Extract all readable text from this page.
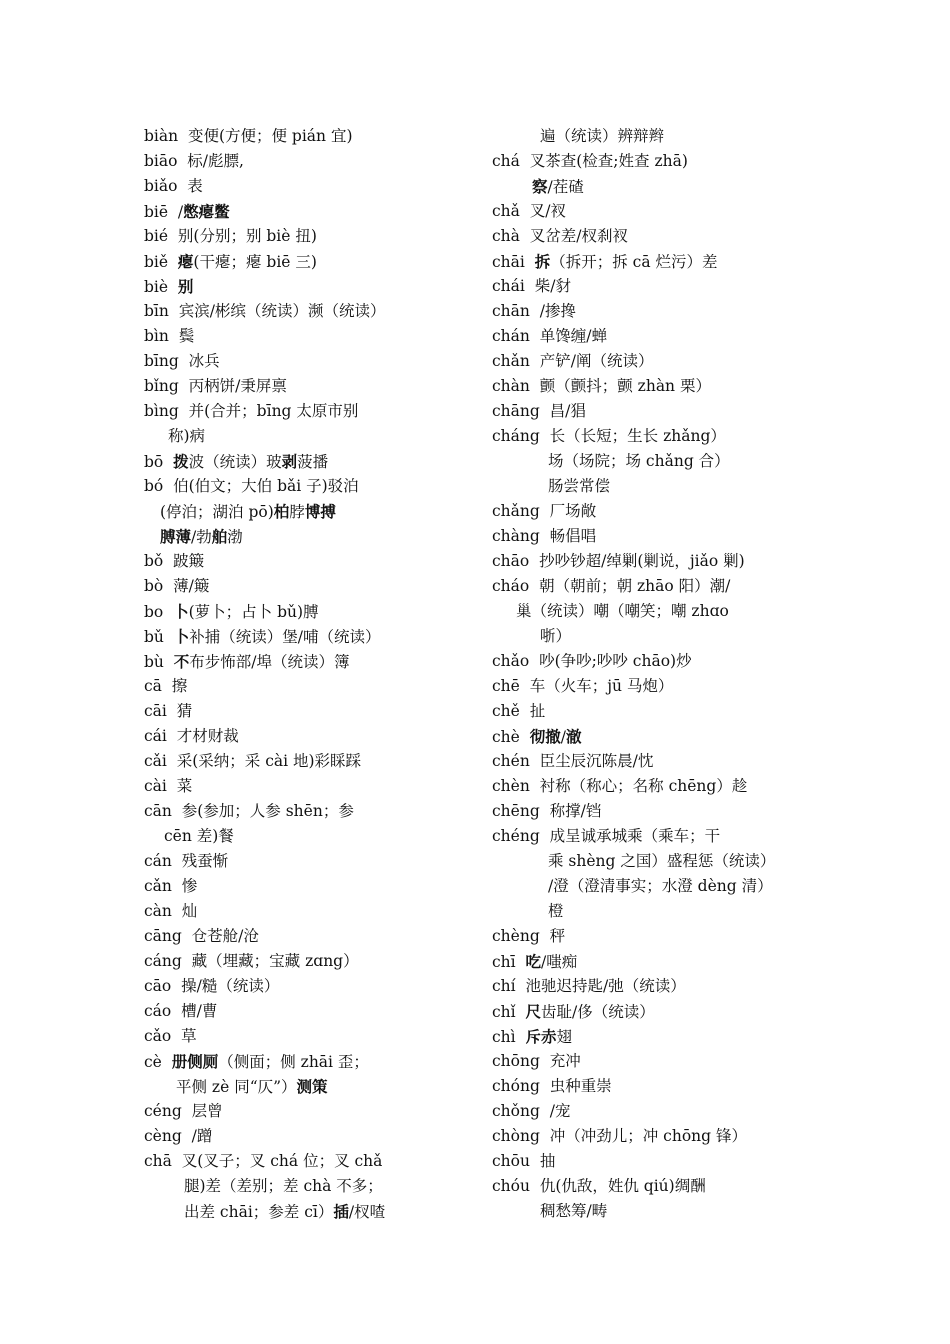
biàn  变便(方便；便 pián 宜)
biāo  标/彪膘,
biǎo  表
biē  /憋瘪鳖
bié  别(分别；别 biè 扭)
biě  瘪(干瘪；瘪 biē 三)
biè  别
bīn  宾滨/彬缤（统读）濒（统读）
bìn  鬓
bīng  冰兵
bǐng  丙柄饼/秉屏禀
bìng  并(合并；bīng 太原市别
称)病
bō  拨波（统读）玻剥菠播
bó  伯(伯文；大伯 bǎi 子)驳泊
(停泊；湖泊 pō)柏脖博搏
膊薄/勃舶渤
bǒ  跛簸
bò  薄/簸
bo  卜(萝卜；占卜 bǔ)膊
bǔ  卜补捕（统读）堡/哺（统读）
bù  不布步怖部/埠（统读）簿
cā  擦
cāi  猜
cái  才材财裁
cǎi  采(采纳；采 cài 地)彩睬踩
cài  菜
cān  参(参加；人参 shēn；参
cēn 差)餐
cán  残蚕惭
cǎn  惨
càn  灿
cāng  仓苍舱/沧
cáng  藏（埋藏；宝藏 zɑng）
cāo  操/糙（统读）
cáo  槽/曹
cǎo  草
cè  册侧厕（侧面；侧 zhāi 歪；
平侧 zè 同“仄”）测策
céng  层曾
cèng  /蹭
chā  叉(叉子；叉 chá 位；叉 chǎ
腿)差（差别；差 chà 不多；
出差 chāi；参差 cī）插/杈喳
遍（统读）辨辩辫
chá  叉茶查(检查;姓查 zhā)
察/茬碴
chǎ  叉/衩
chà  叉岔差/杈刹衩
chāi  拆（拆开；拆 cā 烂污）差
chái  柴/豺
chān  /掺搀
chán  单馋缠/蝉
chǎn  产铲/阐（统读）
chàn  颤（颤抖；颤 zhàn 栗）
chāng  昌/猖
cháng  长（长短；生长 zhǎng）
场（场院；场 chǎng 合）
肠尝常偿
chǎng  厂场敞
chàng  畅倡唱
chāo  抄吵钞超/绰剿(剿说，jiǎo 剿)
cháo  朝（朝前；朝 zhāo 阳）潮/
巢（统读）嘲（嘲笑；嘲 zhɑo
哳）
chǎo  吵(争吵;吵吵 chāo)炒
chē  车（火车；jū 马炮）
chě  扯
chè  彻撤/澈
chén  臣尘辰沉陈晨/忱
chèn  衬称（称心；名称 chēng）趁
chēng  称撑/铛
chéng  成呈诚承城乘（乘车；干
乘 shèng 之国）盛程惩（统读）
/澄（澄清事实；水澄 dèng 清）
橙
chèng  秤
chī  吃/嗤痴
chí  池驰迟持匙/弛（统读）
chǐ  尺齿耻/侈（统读）
chì  斥赤翅
chōng  充冲
chóng  虫种重崇
chǒng  /宠
chòng  冲（冲劲儿；冲 chōng 锋）
chōu  抽
chóu  仇(仇敌，姓仇 qiú)绸酬
稠愁筹/畴
